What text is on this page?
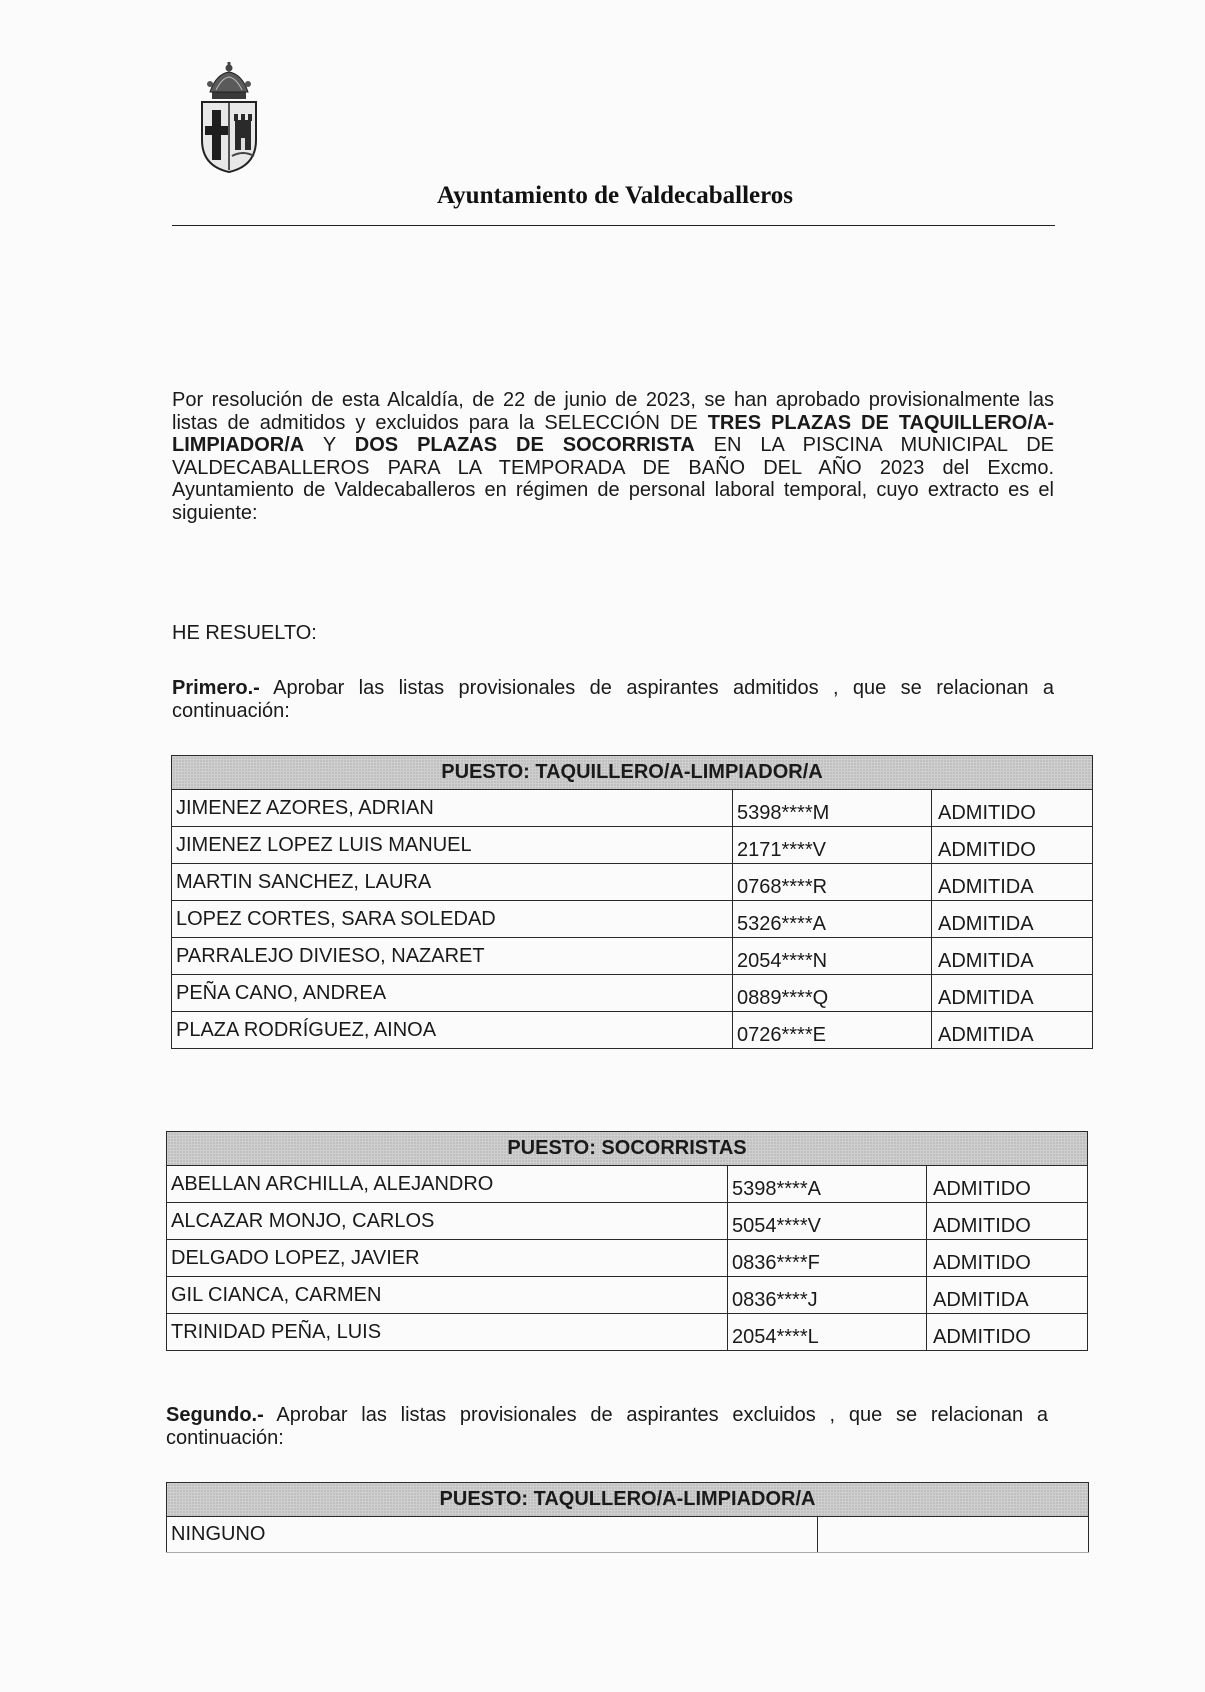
Ayuntamiento de Valdecaballeros

Por resolución de esta Alcaldía, de 22 de junio de 2023, se han aprobado provisionalmente las listas de admitidos y excluidos para la SELECCIÓN DE TRES PLAZAS DE TAQUILLERO/A-LIMPIADOR/A Y DOS PLAZAS DE SOCORRISTA EN LA PISCINA MUNICIPAL DE VALDECABALLEROS PARA LA TEMPORADA DE BAÑO DEL AÑO 2023 del Excmo. Ayuntamiento de Valdecaballeros en régimen de personal laboral temporal, cuyo extracto es el siguiente:

HE RESUELTO:

Primero.- Aprobar las listas provisionales de aspirantes admitidos , que se relacionan a continuación:

PUESTO: TAQUILLERO/A-LIMPIADOR/A		
JIMENEZ AZORES, ADRIAN	5398****M	ADMITIDO
JIMENEZ LOPEZ LUIS MANUEL	2171****V	ADMITIDO
MARTIN SANCHEZ, LAURA	0768****R	ADMITIDA
LOPEZ CORTES, SARA SOLEDAD	5326****A	ADMITIDA
PARRALEJO DIVIESO, NAZARET	2054****N	ADMITIDA
PEÑA CANO, ANDREA	0889****Q	ADMITIDA
PLAZA RODRÍGUEZ, AINOA	0726****E	ADMITIDA
PUESTO: SOCORRISTAS		
ABELLAN ARCHILLA, ALEJANDRO	5398****A	ADMITIDO
ALCAZAR MONJO, CARLOS	5054****V	ADMITIDO
DELGADO LOPEZ, JAVIER	0836****F	ADMITIDO
GIL CIANCA, CARMEN	0836****J	ADMITIDA
TRINIDAD PEÑA, LUIS	2054****L	ADMITIDO

Segundo.- Aprobar las listas provisionales de aspirantes excluidos , que se relacionan a continuación:

PUESTO: TAQULLERO/A-LIMPIADOR/A
NINGUNO	
